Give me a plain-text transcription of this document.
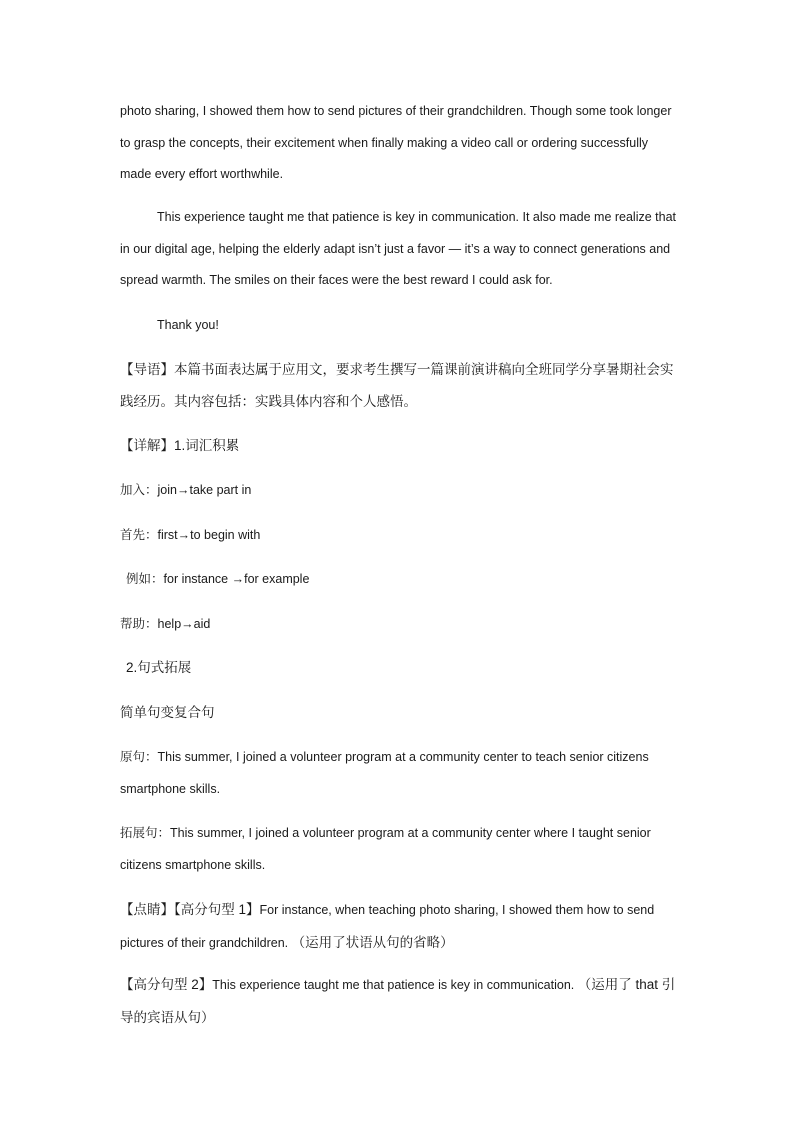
photo sharing, I showed them how to send pictures of their grandchildren. Though some took longer to grasp the concepts, their excitement when finally making a video call or ordering successfully made every effort worthwhile.

This experience taught me that patience is key in communication. It also made me realize that in our digital age, helping the elderly adapt isn’t just a favor — it’s a way to connect generations and spread warmth. The smiles on their faces were the best reward I could ask for.

Thank you!

【导语】本篇书面表达属于应用文，要求考生撰写一篇课前演讲稿向全班同学分享暑期社会实践经历。其内容包括：实践具体内容和个人感悟。

【详解】1.词汇积累

加入：join→take part in

首先：first→to begin with

例如：for instance →for example

帮助：help→aid

2.句式拓展

简单句变复合句

原句：This summer, I joined a volunteer program at a community center to teach senior citizens smartphone skills.

拓展句：This summer, I joined a volunteer program at a community center where I taught senior citizens smartphone skills.

【点睛】【高分句型 1】For instance, when teaching photo sharing, I showed them how to send pictures of their grandchildren. （运用了状语从句的省略）

【高分句型 2】This experience taught me that patience is key in communication. （运用了 that 引导的宾语从句）
